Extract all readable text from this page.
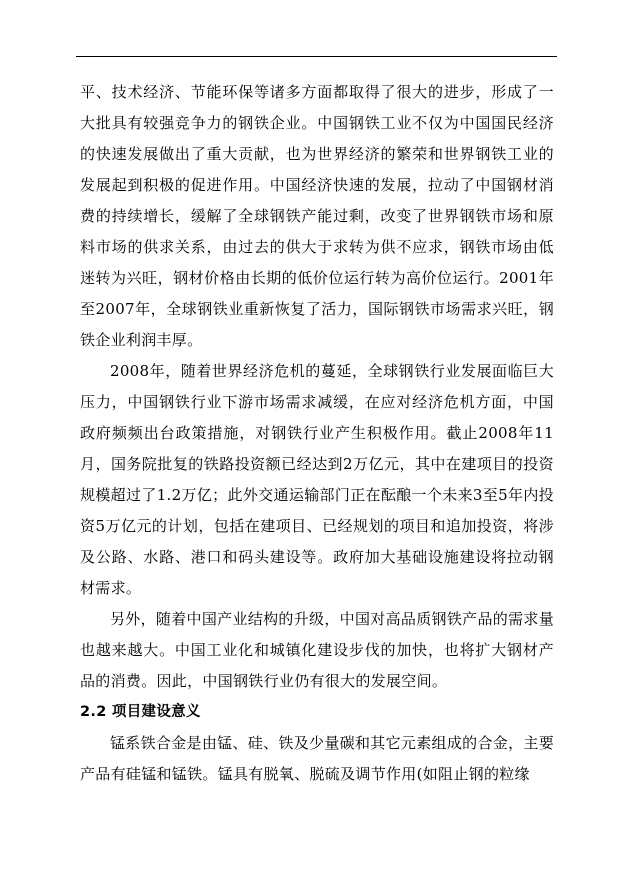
平、技术经济、节能环保等诸多方面都取得了很大的进步，形成了一大批具有较强竞争力的钢铁企业。中国钢铁工业不仅为中国国民经济的快速发展做出了重大贡献，也为世界经济的繁荣和世界钢铁工业的发展起到积极的促进作用。中国经济快速的发展，拉动了中国钢材消费的持续增长，缓解了全球钢铁产能过剩，改变了世界钢铁市场和原料市场的供求关系，由过去的供大于求转为供不应求，钢铁市场由低迷转为兴旺，钢材价格由长期的低价位运行转为高价位运行。2001年至2007年，全球钢铁业重新恢复了活力，国际钢铁市场需求兴旺，钢铁企业利润丰厚。

2008年，随着世界经济危机的蔓延，全球钢铁行业发展面临巨大压力，中国钢铁行业下游市场需求减缓，在应对经济危机方面，中国政府频频出台政策措施，对钢铁行业产生积极作用。截止2008年11月，国务院批复的铁路投资额已经达到2万亿元，其中在建项目的投资规模超过了1.2万亿；此外交通运输部门正在酝酿一个未来3至5年内投资5万亿元的计划，包括在建项目、已经规划的项目和追加投资，将涉及公路、水路、港口和码头建设等。政府加大基础设施建设将拉动钢材需求。

另外，随着中国产业结构的升级，中国对高品质钢铁产品的需求量也越来越大。中国工业化和城镇化建设步伐的加快，也将扩大钢材产品的消费。因此，中国钢铁行业仍有很大的发展空间。

2.2 项目建设意义

锰系铁合金是由锰、硅、铁及少量碳和其它元素组成的合金，主要产品有硅锰和锰铁。锰具有脱氧、脱硫及调节作用(如阻止钢的粒缘
